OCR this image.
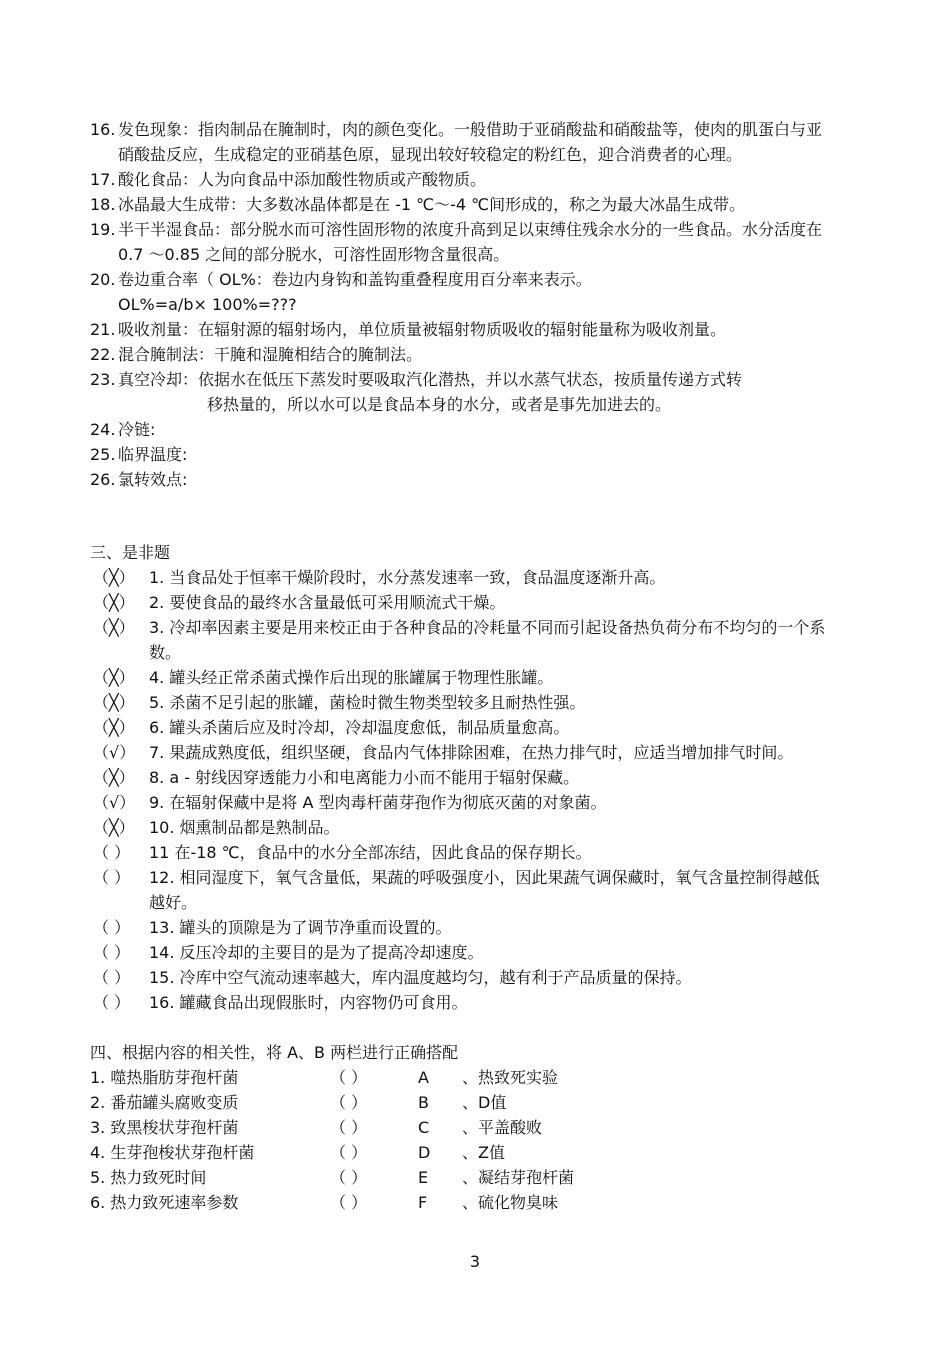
16. 发色现象：指肉制品在腌制时，肉的颜色变化。一般借助于亚硝酸盐和硝酸盐等，使肉的肌蛋白与亚硝酸盐反应，生成稳定的亚硝基色原，显现出较好较稳定的粉红色，迎合消费者的心理。
17. 酸化食品：人为向食品中添加酸性物质或产酸物质。
18. 冰晶最大生成带：大多数冰晶体都是在 -1 ℃～-4 ℃间形成的，称之为最大冰晶生成带。
19. 半干半湿食品：部分脱水而可溶性固形物的浓度升高到足以束缚住残余水分的一些食品。水分活度在 0.7 ～0.85 之间的部分脱水，可溶性固形物含量很高。
20. 卷边重合率（ OL%：卷边内身钩和盖钩重叠程度用百分率来表示。
OL%=a/b× 100%=???
21. 吸收剂量：在辐射源的辐射场内，单位质量被辐射物质吸收的辐射能量称为吸收剂量。
22. 混合腌制法：干腌和湿腌相结合的腌制法。
23. 真空冷却：依据水在低压下蒸发时要吸取汽化潜热，并以水蒸气状态，按质量传递方式转
移热量的，所以水可以是食品本身的水分，或者是事先加进去的。
24. 冷链:
25. 临界温度:
26. 氯转效点:
三、是非题
（╳） 1. 当食品处于恒率干燥阶段时，水分蒸发速率一致，食品温度逐渐升高。
（╳） 2. 要使食品的最终水含量最低可采用顺流式干燥。
（╳） 3. 冷却率因素主要是用来校正由于各种食品的冷耗量不同而引起设备热负荷分布不均匀的一个系数。
（╳） 4. 罐头经正常杀菌式操作后出现的胀罐属于物理性胀罐。
（╳） 5. 杀菌不足引起的胀罐，菌检时微生物类型较多且耐热性强。
（╳） 6. 罐头杀菌后应及时冷却，冷却温度愈低，制品质量愈高。
（√） 7. 果蔬成熟度低，组织坚硬，食品内气体排除困难，在热力排气时，应适当增加排气时间。
（╳） 8. a - 射线因穿透能力小和电离能力小而不能用于辐射保藏。
（√） 9. 在辐射保藏中是将 A 型肉毒杆菌芽孢作为彻底灭菌的对象菌。
（╳） 10. 烟熏制品都是熟制品。
（ ）	11 在-18 ℃，食品中的水分全部冻结，因此食品的保存期长。
（ ）	12. 相同湿度下，氧气含量低，果蔬的呼吸强度小，因此果蔬气调保藏时，氧气含量控制得越低越好。
（ ）	13. 罐头的顶隙是为了调节净重而设置的。
（ ）	14. 反压冷却的主要目的是为了提高冷却速度。
（ ）	15. 冷库中空气流动速率越大，库内温度越均匀，越有利于产品质量的保持。
（ ）	16. 罐藏食品出现假胀时，内容物仍可食用。
四、根据内容的相关性，将 A、B 两栏进行正确搭配
1. 噬热脂肪芽孢杆菌	（ ）	A 、热致死实验
2. 番茄罐头腐败变质	（ ）	B 、D值
3. 致黑梭状芽孢杆菌	（ ）	C 、平盖酸败
4. 生芽孢梭状芽孢杆菌	（ ）	D 、Z值
5. 热力致死时间	（ ）	E 、凝结芽孢杆菌
6. 热力致死速率参数	（ ）	F 、硫化物臭味
3
